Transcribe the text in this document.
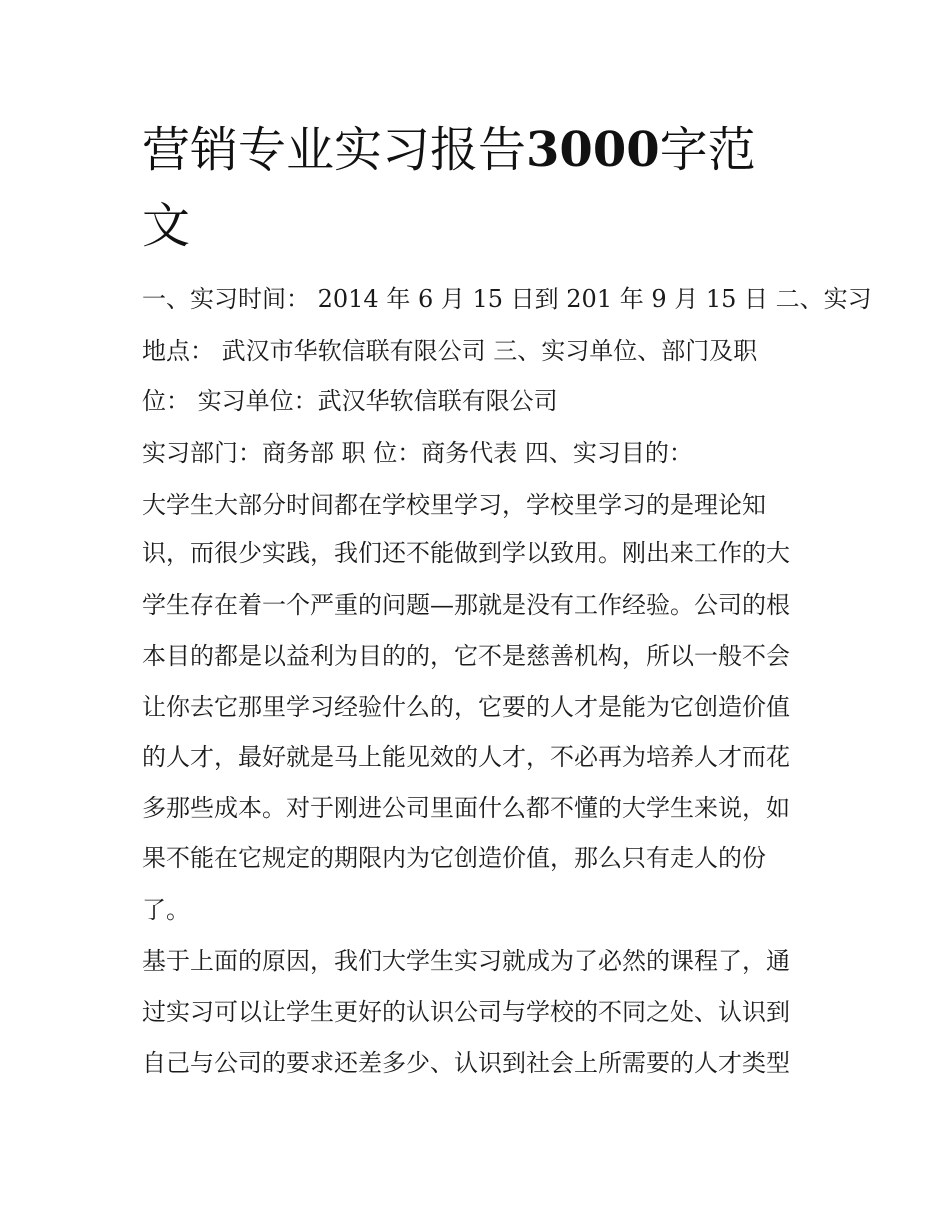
营销专业实习报告3000字范
文
一、实习时间： 2014 年 6 月 15 日到 201 年 9 月 15 日 二、实习
地点： 武汉市华软信联有限公司 三、实习单位、部门及职
位： 实习单位：武汉华软信联有限公司
实习部门：商务部 职 位：商务代表 四、实习目的：
大学生大部分时间都在学校里学习，学校里学习的是理论知
识，而很少实践，我们还不能做到学以致用。刚出来工作的大
学生存在着一个严重的问题—那就是没有工作经验。公司的根
本目的都是以益利为目的的，它不是慈善机构，所以一般不会
让你去它那里学习经验什么的，它要的人才是能为它创造价值
的人才，最好就是马上能见效的人才，不必再为培养人才而花
多那些成本。对于刚进公司里面什么都不懂的大学生来说，如
果不能在它规定的期限内为它创造价值，那么只有走人的份
了。
基于上面的原因，我们大学生实习就成为了必然的课程了，通
过实习可以让学生更好的认识公司与学校的不同之处、认识到
自己与公司的要求还差多少、认识到社会上所需要的人才类型
